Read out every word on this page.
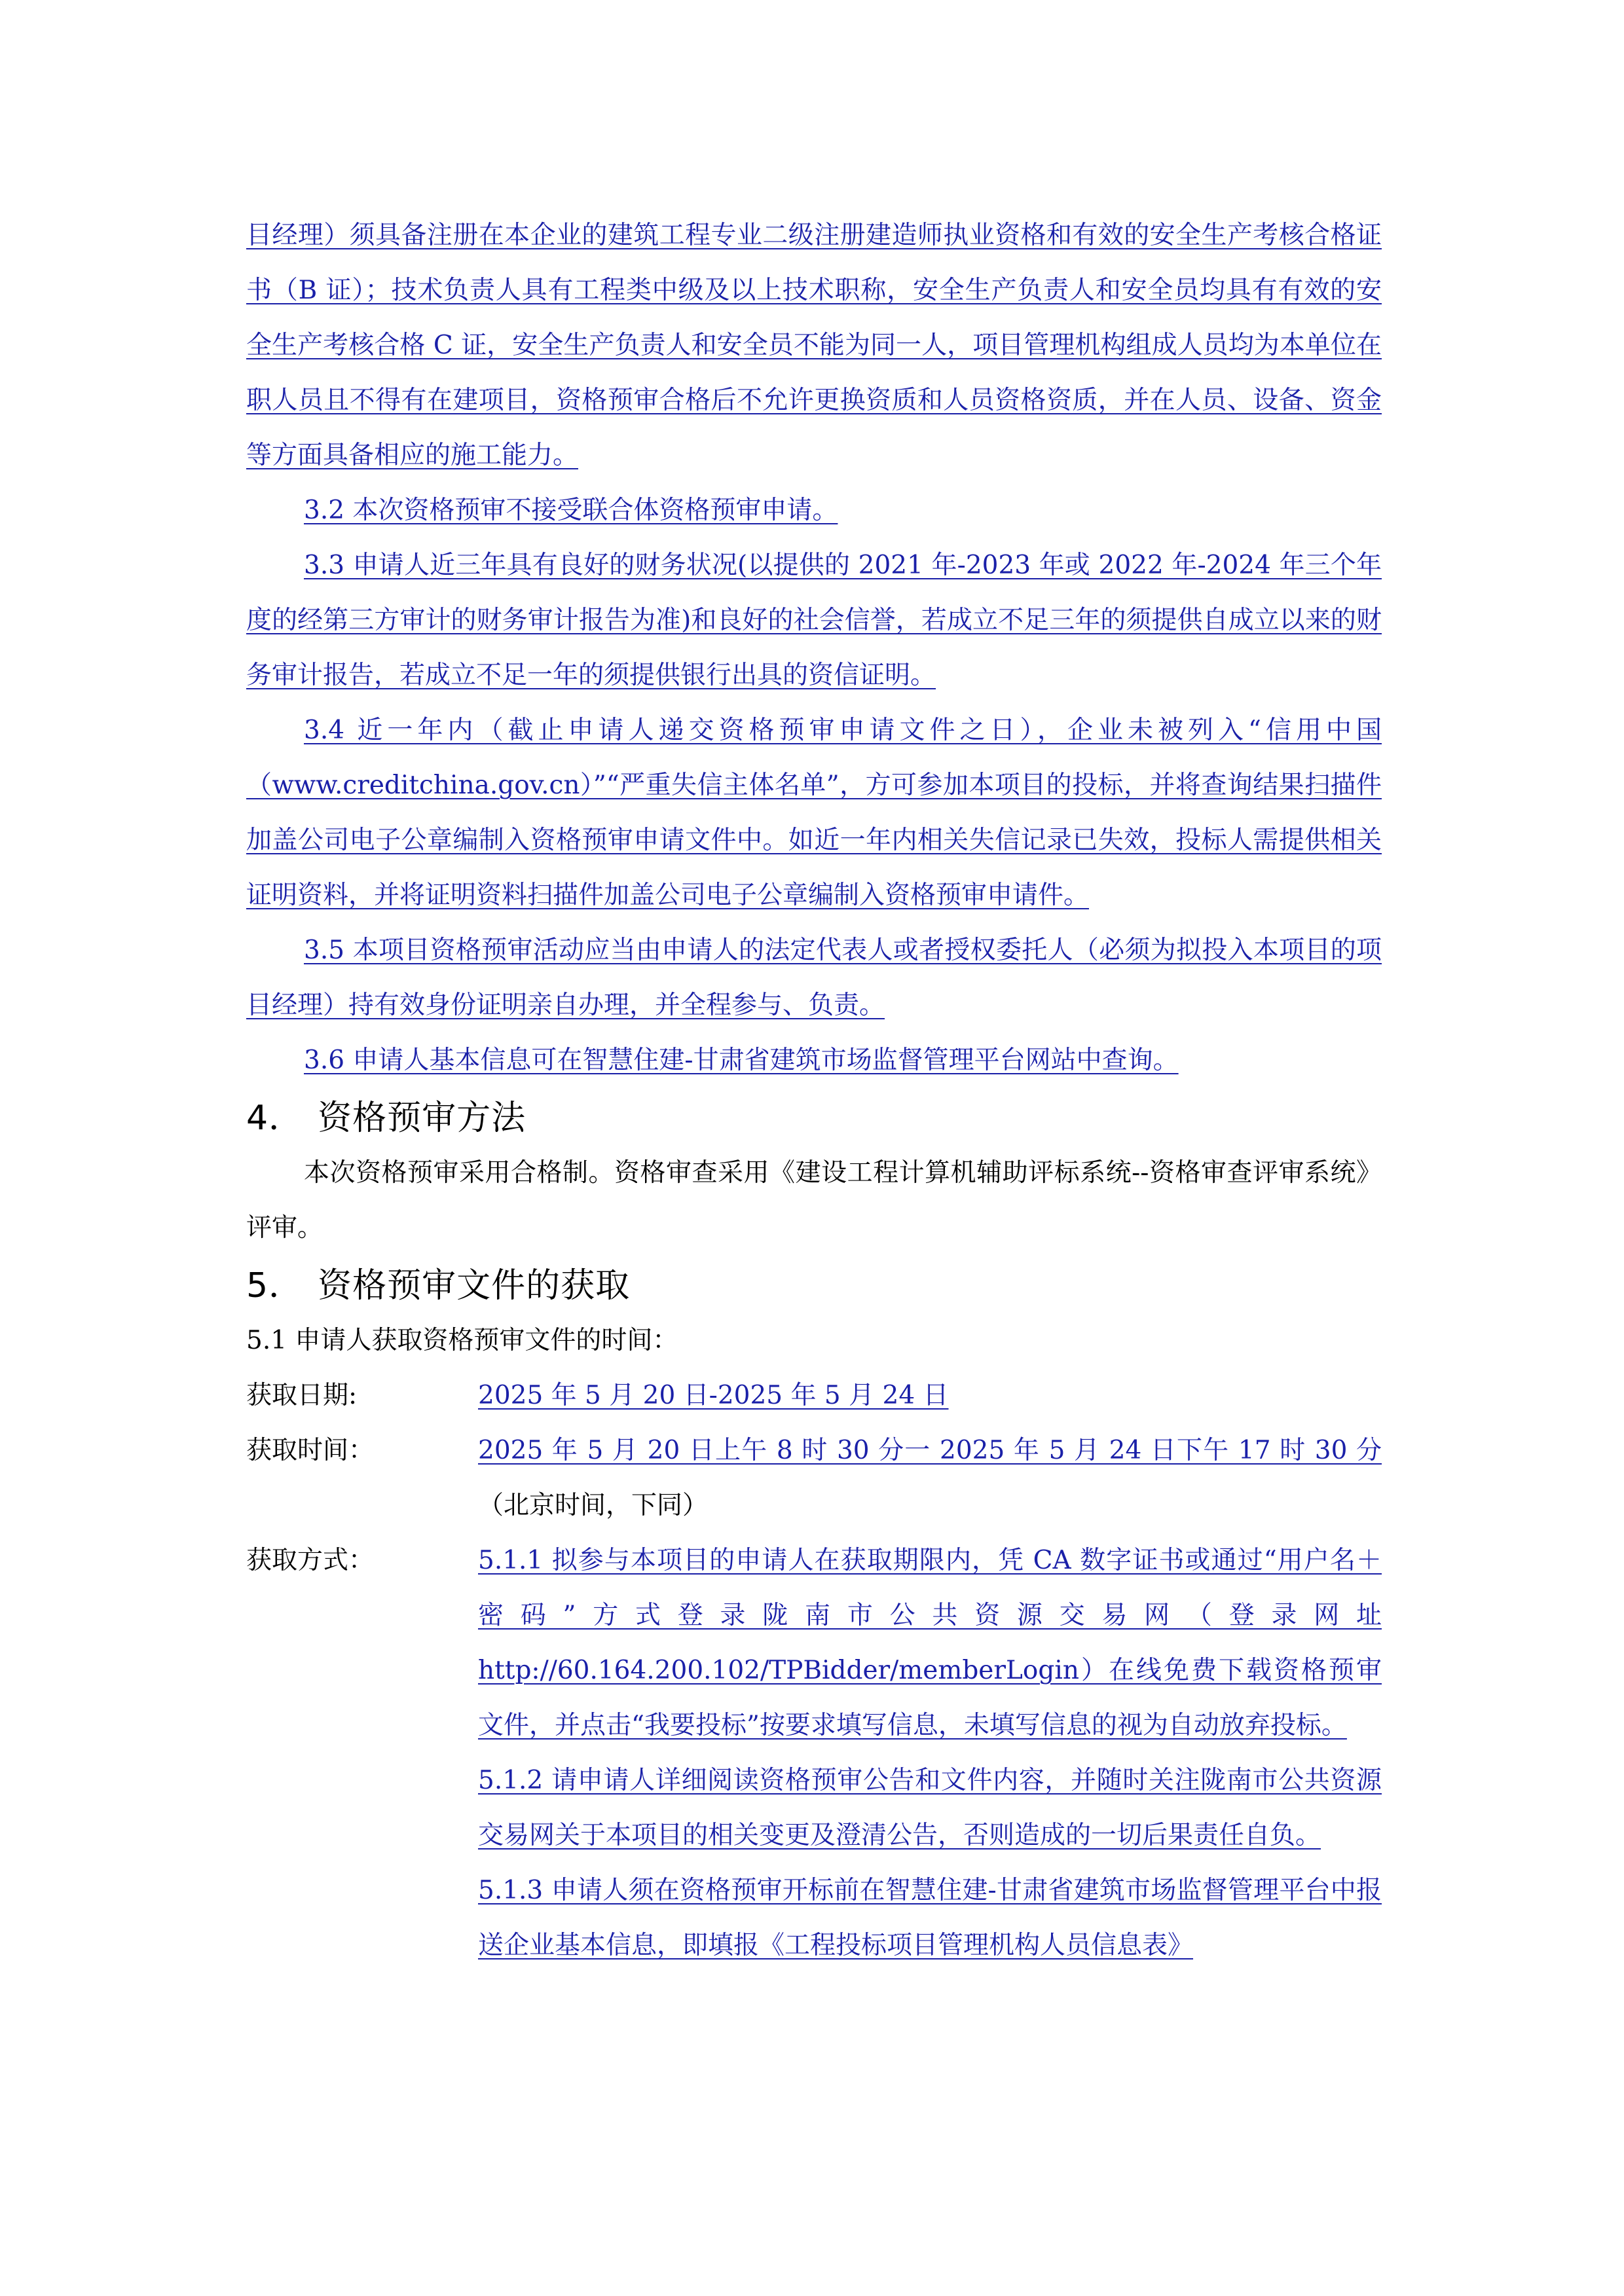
目经理）须具备注册在本企业的建筑工程专业二级注册建造师执业资格和有效的安全生产考核合格证书（B 证）；技术负责人具有工程类中级及以上技术职称，安全生产负责人和安全员均具有有效的安全生产考核合格 C 证，安全生产负责人和安全员不能为同一人，项目管理机构组成人员均为本单位在职人员且不得有在建项目，资格预审合格后不允许更换资质和人员资格资质，并在人员、设备、资金等方面具备相应的施工能力。

3.2 本次资格预审不接受联合体资格预审申请。

3.3 申请人近三年具有良好的财务状况(以提供的 2021 年-2023 年或 2022 年-2024 年三个年度的经第三方审计的财务审计报告为准)和良好的社会信誉，若成立不足三年的须提供自成立以来的财务审计报告，若成立不足一年的须提供银行出具的资信证明。

3.4 近一年内（截止申请人递交资格预审申请文件之日），企业未被列入“信用中国（www.creditchina.gov.cn）”“严重失信主体名单”，方可参加本项目的投标，并将查询结果扫描件加盖公司电子公章编制入资格预审申请文件中。如近一年内相关失信记录已失效，投标人需提供相关证明资料，并将证明资料扫描件加盖公司电子公章编制入资格预审申请件。

3.5 本项目资格预审活动应当由申请人的法定代表人或者授权委托人（必须为拟投入本项目的项目经理）持有效身份证明亲自办理，并全程参与、负责。

3.6 申请人基本信息可在智慧住建-甘肃省建筑市场监督管理平台网站中查询。

4． 资格预审方法

本次资格预审采用合格制。资格审查采用《建设工程计算机辅助评标系统--资格审查评审系统》评审。

5． 资格预审文件的获取

5.1 申请人获取资格预审文件的时间：

获取日期:	2025 年 5 月 20 日-2025 年 5 月 24 日
获取时间：	2025 年 5 月 20 日上午 8 时 30 分一 2025 年 5 月 24 日下午 17 时 30 分（北京时间，下同）
获取方式：	5.1.1 拟参与本项目的申请人在获取期限内，凭 CA 数字证书或通过“用户名＋密码”方式登录陇南市公共资源交易网（登录网址 http://60.164.200.102/TPBidder/memberLogin）在线免费下载资格预审文件，并点击“我要投标”按要求填写信息，未填写信息的视为自动放弃投标。
5.1.2 请申请人详细阅读资格预审公告和文件内容，并随时关注陇南市公共资源交易网关于本项目的相关变更及澄清公告，否则造成的一切后果责任自负。
5.1.3 申请人须在资格预审开标前在智慧住建-甘肃省建筑市场监督管理平台中报送企业基本信息，即填报《工程投标项目管理机构人员信息表》
